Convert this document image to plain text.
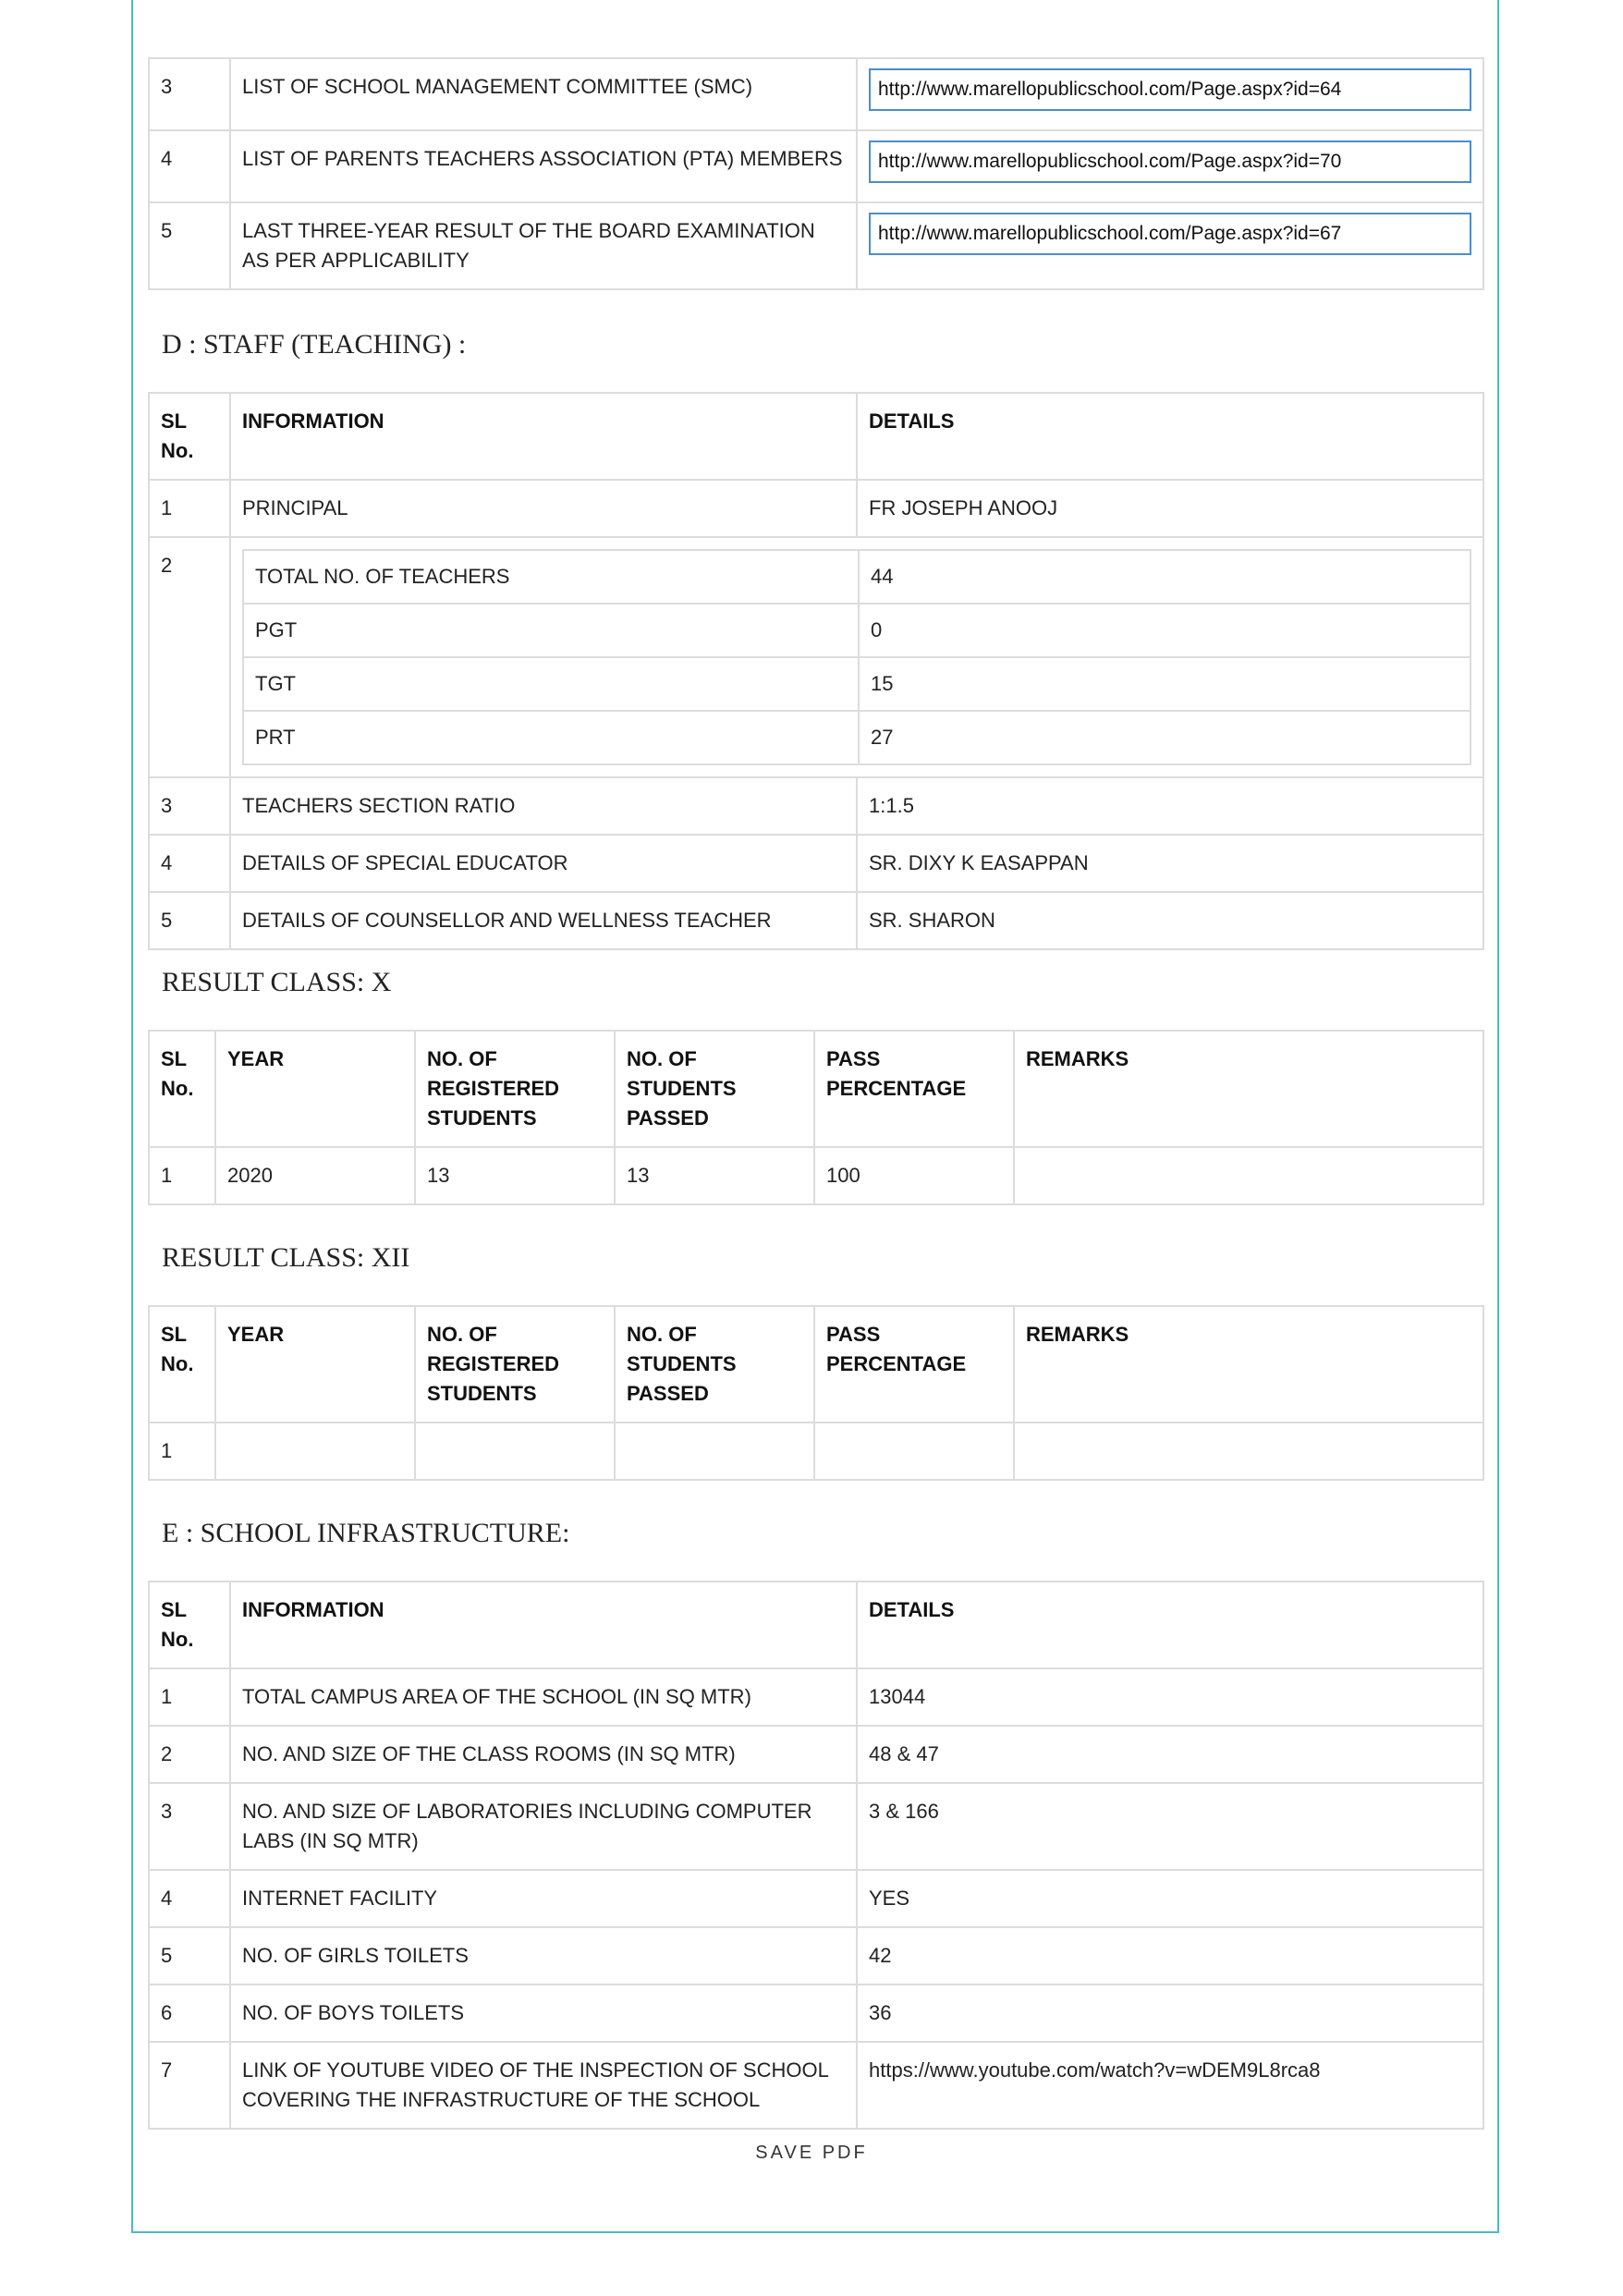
3	LIST OF SCHOOL MANAGEMENT COMMITTEE (SMC)	http://www.marellopublicschool.com/Page.aspx?id=64

4	LIST OF PARENTS TEACHERS ASSOCIATION (PTA) MEMBERS	http://www.marellopublicschool.com/Page.aspx?id=70

5	LAST THREE-YEAR RESULT OF THE BOARD EXAMINATION AS PER APPLICABILITY	http://www.marellopublicschool.com/Page.aspx?id=67
D : STAFF (TEACHING) :
SL No.	INFORMATION	DETAILS
1	PRINCIPAL	FR JOSEPH ANOOJ
2		TOTAL NO. OF TEACHERS	44
PGT	0
TGT	15
PRT	27

3	TEACHERS SECTION RATIO	1:1.5
4	DETAILS OF SPECIAL EDUCATOR	SR. DIXY K EASAPPAN
5	DETAILS OF COUNSELLOR AND WELLNESS TEACHER	SR. SHARON
RESULT CLASS: X
SL No.	YEAR	NO. OF REGISTERED STUDENTS	NO. OF STUDENTS PASSED	PASS PERCENTAGE	REMARKS
1	2020	13	13	100	
RESULT CLASS: XII
SL No.	YEAR	NO. OF REGISTERED STUDENTS	NO. OF STUDENTS PASSED	PASS PERCENTAGE	REMARKS
1					
E : SCHOOL INFRASTRUCTURE:
SL No.	INFORMATION	DETAILS
1	TOTAL CAMPUS AREA OF THE SCHOOL (IN SQ MTR)	13044
2	NO. AND SIZE OF THE CLASS ROOMS (IN SQ MTR)	48 & 47
3	NO. AND SIZE OF LABORATORIES INCLUDING COMPUTER LABS (IN SQ MTR)	3 & 166
4	INTERNET FACILITY	YES
5	NO. OF GIRLS TOILETS	42
6	NO. OF BOYS TOILETS	36
7	LINK OF YOUTUBE VIDEO OF THE INSPECTION OF SCHOOL COVERING THE INFRASTRUCTURE OF THE SCHOOL	https://www.youtube.com/watch?v=wDEM9L8rca8
SAVE PDF
